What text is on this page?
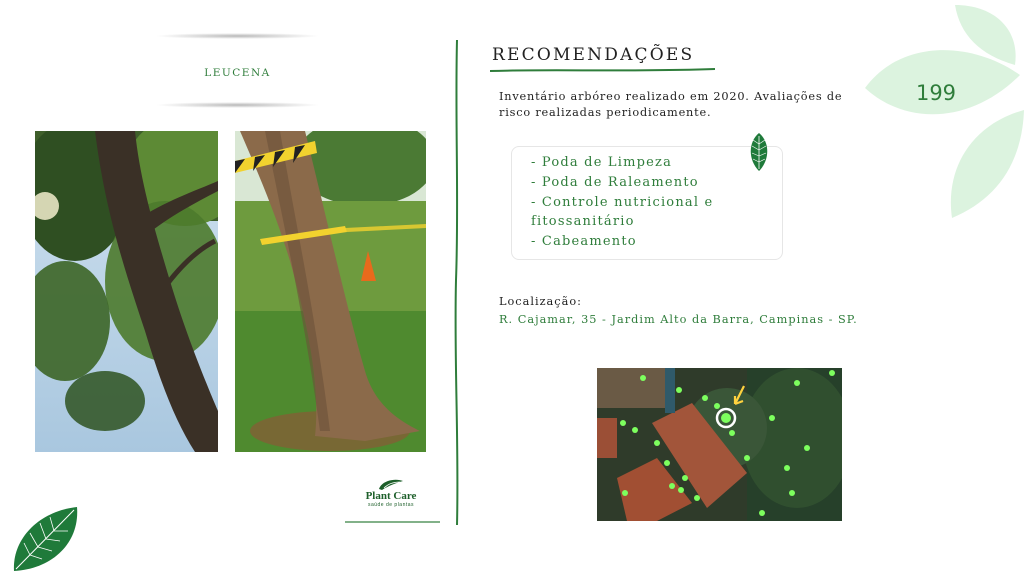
LEUCENA
Plant Care
saúde de plantas
RECOMENDAÇÕES
Inventário arbóreo realizado em 2020. Avaliações de risco realizadas periodicamente.
- Poda de Limpeza
- Poda de Raleamento
- Controle nutricional e fitossanitário
- Cabeamento
Localização:
R. Cajamar, 35 - Jardim Alto da Barra, Campinas - SP.
199
